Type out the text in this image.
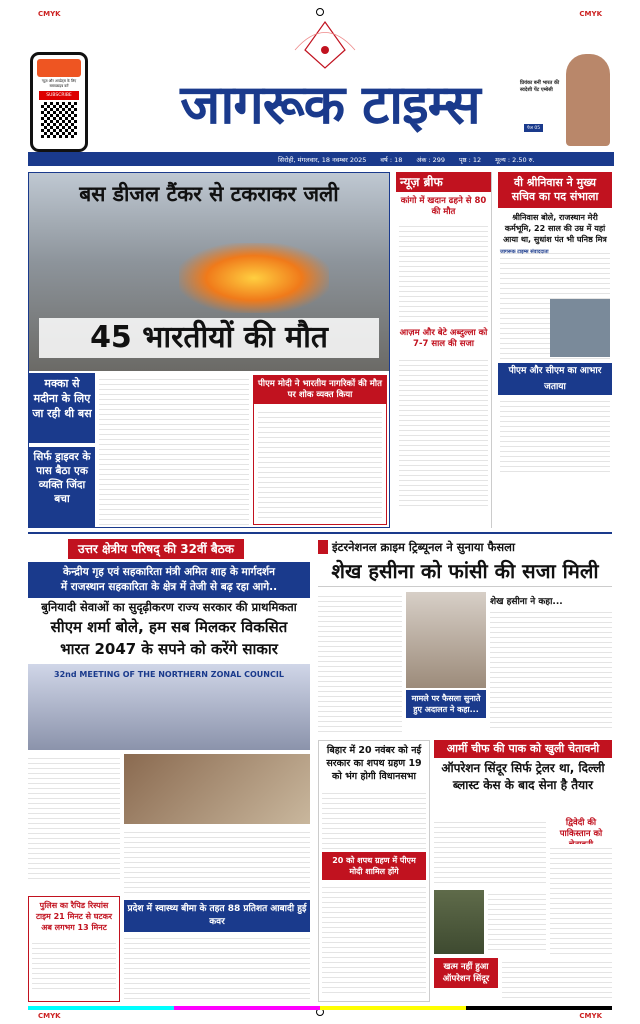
CMYK	CMYK
CMYK	CMYK
न्यूज़ और अपडेट्स के लिए
सब्सक्राइब करें
SUBSCRIBE	जागरूक टाइम्स	प्रियंका बनीं भारत की स्वदेशी पेंट एम्बेसी
पेज 05
सिरोही, मंगलवार, 18 नवम्बर 2025 वर्ष : 18 अंक : 299 पृष्ठ : 12 मूल्य : 2.50 रु.
बस डीजल टैंकर से टकराकर जली
45 भारतीयों की मौत
मक्का से मदीना के लिए जा रही थी बस
सिर्फ ड्राइवर के पास बैठा एक व्यक्ति जिंदा बचा
पीएम मोदी ने भारतीय नागरिकों की मौत पर शोक व्यक्त किया
न्यूज़ ब्रीफ
कांगो में खदान ढहने से 80 की मौत
आज़म और बेटे अब्दुल्ला को 7-7 साल की सजा
वी श्रीनिवास ने मुख्य सचिव का पद संभाला
श्रीनिवास बोले, राजस्थान मेरी कर्मभूमि, 22 साल की उम्र में यहां आया था, सुधांश पंत भी घनिष्ठ मित्र
जागरूक टाइम्स संवाददाता
पीएम और सीएम का आभार जताया
उत्तर क्षेत्रीय परिषद् की 32वीं बैठक
केन्द्रीय गृह एवं सहकारिता मंत्री अमित शाह के मार्गदर्शन
में राजस्थान सहकारिता के क्षेत्र में तेजी से बढ़ रहा आगे..
बुनियादी सेवाओं का सुदृढ़ीकरण राज्य सरकार की प्राथमिकता
सीएम शर्मा बोले, हम सब मिलकर विकसित
भारत 2047 के सपने को करेंगे साकार
32nd MEETING OF THE NORTHERN ZONAL COUNCIL
पुलिस का रैपिड रिस्पांस टाइम 21 मिनट से घटकर अब लगभग 13 मिनट
प्रदेश में स्वास्थ्य बीमा के तहत 88 प्रतिशत आबादी हुई कवर
इंटरनेशनल क्राइम ट्रिब्यूनल ने सुनाया फैसला
शेख हसीना को फांसी की सजा मिली
मामले पर फैसला सुनाते हुए अदालत ने कहा...
शेख हसीना ने कहा...
बिहार में 20 नवंबर को नई सरकार का शपथ ग्रहण 19 को भंग होगी विधानसभा
20 को शपथ ग्रहण में पीएम मोदी शामिल होंगे
आर्मी चीफ की पाक को खुली चेतावनी
ऑपरेशन सिंदूर सिर्फ ट्रेलर था, दिल्ली ब्लास्ट केस के बाद सेना है तैयार
खत्म नहीं हुआ ऑपरेशन सिंदूर
द्विवेदी की पाकिस्तान को
